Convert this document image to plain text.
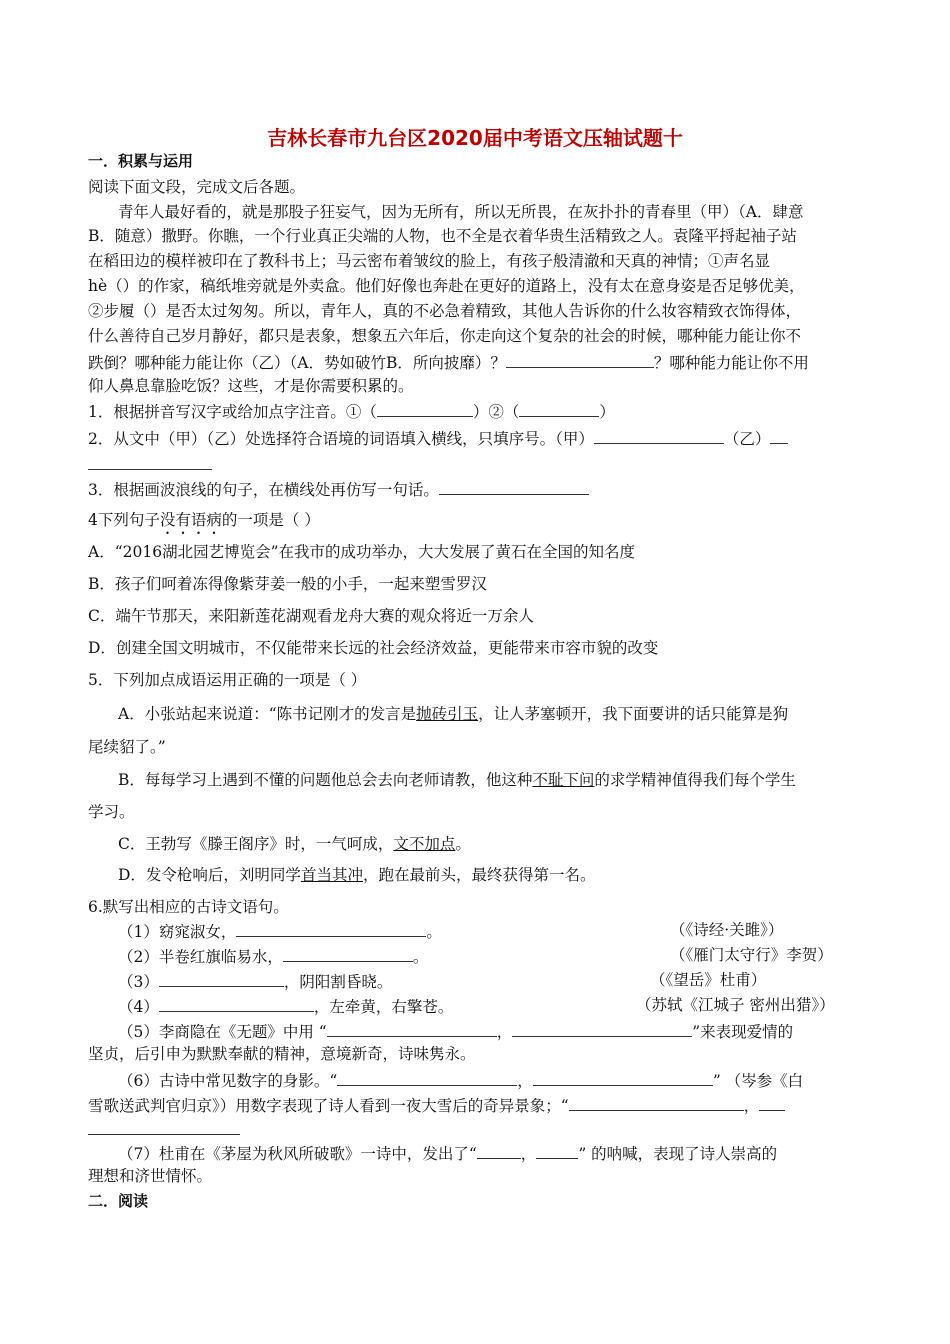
吉林长春市九台区2020届中考语文压轴试题十
一．积累与运用
阅读下面文段，完成文后各题。
青年人最好看的，就是那股子狂妄气，因为无所有，所以无所畏，在灰扑扑的青春里（甲）（A．肆意
B．随意）撒野。你瞧，一个行业真正尖端的人物，也不全是衣着华贵生活精致之人。袁隆平捋起袖子站
在稻田边的模样被印在了教科书上；马云密布着皱纹的脸上，有孩子般清澈和天真的神情；①声名显
hè（）的作家，稿纸堆旁就是外卖盒。他们好像也奔赴在更好的道路上，没有太在意身姿是否足够优美，
②步履（）是否太过匆匆。所以，青年人，真的不必急着精致，其他人告诉你的什么妆容精致衣饰得体，
什么善待自己岁月静好，都只是表象，想象五六年后，你走向这个复杂的社会的时候，哪种能力能让你不
跌倒？哪种能力能让你（乙）（A．势如破竹B．所向披靡）？	？哪种能力能让你不用
仰人鼻息靠脸吃饭？这些，才是你需要积累的。
1．根据拼音写汉字或给加点字注音。①（	）②（	）
2．从文中（甲）（乙）处选择符合语境的词语填入横线，只填序号。（甲）	（乙）
3．根据画波浪线的句子，在横线处再仿写一句话。
4下列句子没有语病的一项是（ ）
A．“2016湖北园艺博览会”在我市的成功举办，大大发展了黄石在全国的知名度
B．孩子们呵着冻得像紫芽姜一般的小手，一起来塑雪罗汉
C．端午节那天，来阳新莲花湖观看龙舟大赛的观众将近一万余人
D．创建全国文明城市，不仅能带来长远的社会经济效益，更能带来市容市貌的改变
5．下列加点成语运用正确的一项是（ ）
A．小张站起来说道：“陈书记刚才的发言是抛砖引玉，让人茅塞顿开，我下面要讲的话只能算是狗
尾续貂了。”
B．每每学习上遇到不懂的问题他总会去向老师请教，他这种不耻下问的求学精神值得我们每个学生
学习。
C．王勃写《滕王阁序》时，一气呵成，文不加点。
D．发令枪响后，刘明同学首当其冲，跑在最前头，最终获得第一名。
6.默写出相应的古诗文语句。
（1）窈窕淑女，	。	（《诗经·关雎》）
（2）半卷红旗临易水，	。	（《雁门太守行》李贺）
（3）	，阴阳割昏晓。	（《望岳》杜甫）
（4）	，左牵黄，右擎苍。	（苏轼《江城子 密州出猎》）
（5）李商隐在《无题》中用 “	，	”来表现爱情的
坚贞，后引申为默默奉献的精神，意境新奇，诗味隽永。
（6）古诗中常见数字的身影。“	，	” （岑参《白
雪歌送武判官归京》）用数字表现了诗人看到一夜大雪后的奇异景象；“	，
（7）杜甫在《茅屋为秋风所破歌》一诗中，发出了“	，	” 的呐喊，表现了诗人崇高的
理想和济世情怀。
二．阅读
